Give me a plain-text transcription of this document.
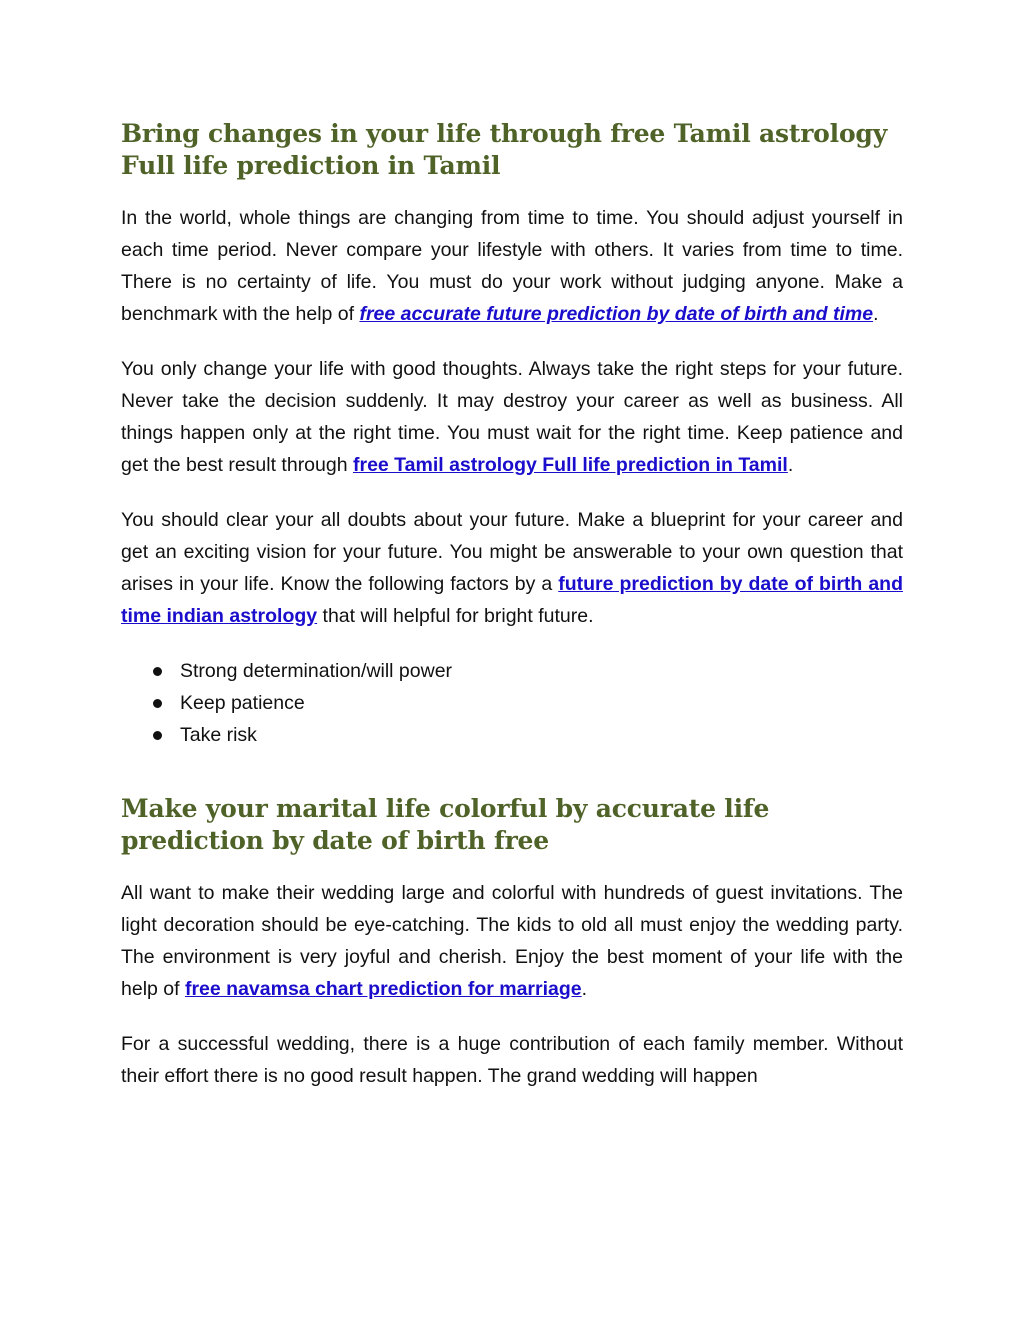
Bring changes in your life through free Tamil astrology Full life prediction in Tamil

In the world, whole things are changing from time to time. You should adjust yourself in each time period. Never compare your lifestyle with others. It varies from time to time. There is no certainty of life. You must do your work without judging anyone. Make a benchmark with the help of free accurate future prediction by date of birth and time.

You only change your life with good thoughts. Always take the right steps for your future. Never take the decision suddenly. It may destroy your career as well as business. All things happen only at the right time. You must wait for the right time. Keep patience and get the best result through free Tamil astrology Full life prediction in Tamil.

You should clear your all doubts about your future. Make a blueprint for your career and get an exciting vision for your future. You might be answerable to your own question that arises in your life. Know the following factors by a future prediction by date of birth and time indian astrology that will helpful for bright future.

Strong determination/will power
Keep patience
Take risk
Make your marital life colorful by accurate life prediction by date of birth free

All want to make their wedding large and colorful with hundreds of guest invitations. The light decoration should be eye-catching. The kids to old all must enjoy the wedding party. The environment is very joyful and cherish. Enjoy the best moment of your life with the help of free navamsa chart prediction for marriage.

For a successful wedding, there is a huge contribution of each family member. Without their effort there is no good result happen. The grand wedding will happen
